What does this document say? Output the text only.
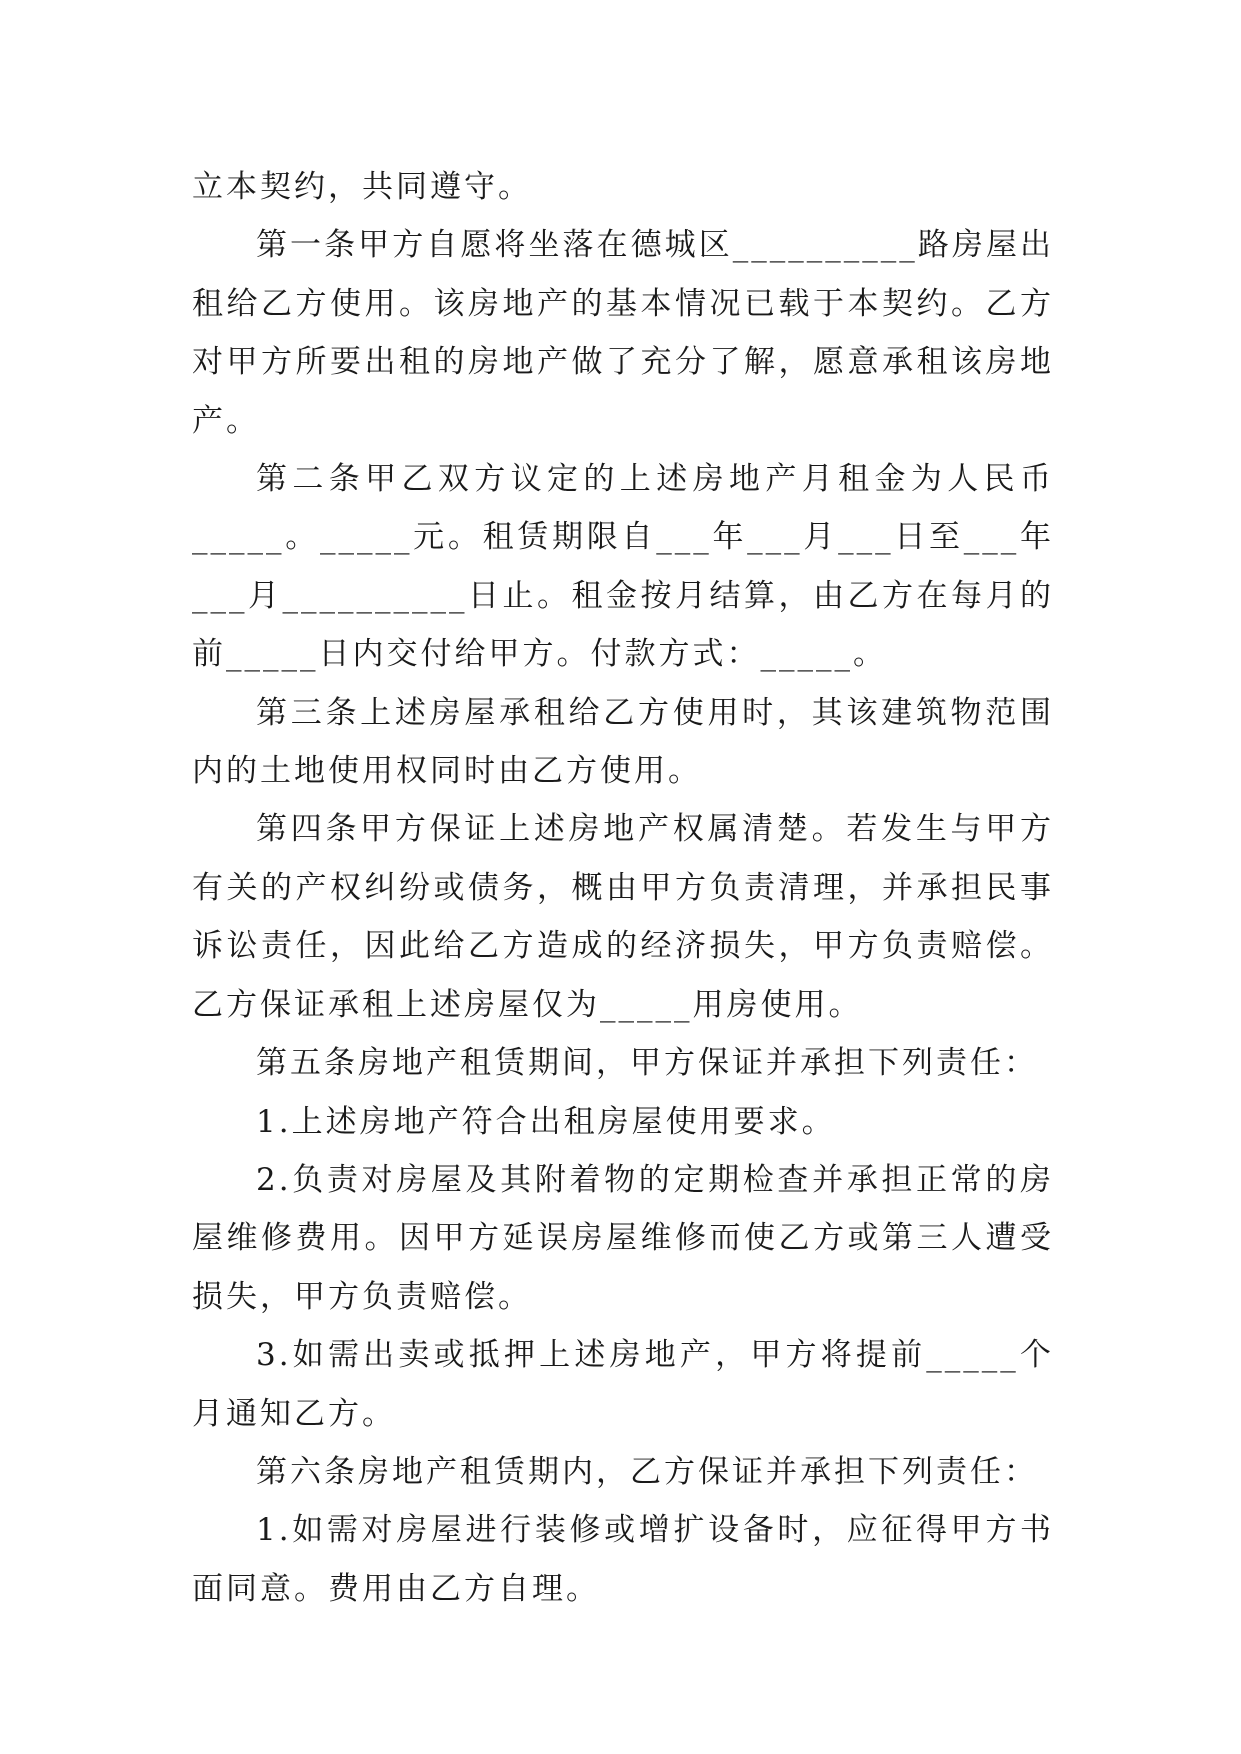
立本契约，共同遵守。

第一条甲方自愿将坐落在德城区__________路房屋出租给乙方使用。该房地产的基本情况已载于本契约。乙方对甲方所要出租的房地产做了充分了解，愿意承租该房地产。

第二条甲乙双方议定的上述房地产月租金为人民币_____。_____元。租赁期限自___年___月___日至___年___月__________日止。租金按月结算，由乙方在每月的前_____日内交付给甲方。付款方式：_____。

第三条上述房屋承租给乙方使用时，其该建筑物范围内的土地使用权同时由乙方使用。

第四条甲方保证上述房地产权属清楚。若发生与甲方有关的产权纠纷或债务，概由甲方负责清理，并承担民事诉讼责任，因此给乙方造成的经济损失，甲方负责赔偿。乙方保证承租上述房屋仅为_____用房使用。

第五条房地产租赁期间，甲方保证并承担下列责任：

1.上述房地产符合出租房屋使用要求。

2.负责对房屋及其附着物的定期检查并承担正常的房屋维修费用。因甲方延误房屋维修而使乙方或第三人遭受损失，甲方负责赔偿。

3.如需出卖或抵押上述房地产，甲方将提前_____个月通知乙方。

第六条房地产租赁期内，乙方保证并承担下列责任：

1.如需对房屋进行装修或增扩设备时，应征得甲方书面同意。费用由乙方自理。
